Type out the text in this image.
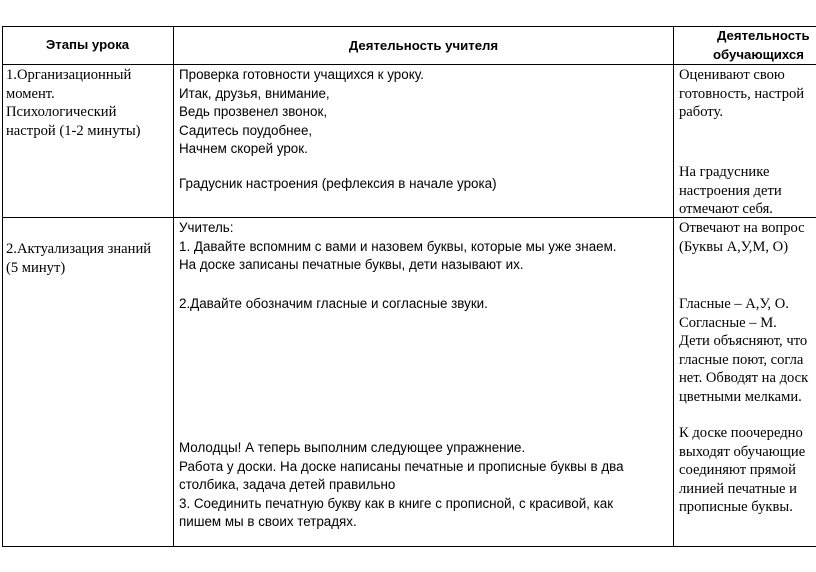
Этапы урока	Деятельность учителя
Деятельность
обучающихся
1.Организационный
момент.
Психологический
настрой (1-2 минуты)
Проверка готовности учащихся к уроку.
Итак, друзья, внимание,
Ведь прозвенел звонок,
Садитесь поудобнее,
Начнем скорей урок.
Градусник настроения (рефлексия в начале урока)
Оценивают свою
готовность, настрой
работу.
На градуснике
настроения дети
отмечают себя.
2.Актуализация знаний
(5 минут)
Учитель:
1. Давайте вспомним с вами и назовем буквы, которые мы уже знаем.
На доске записаны печатные буквы, дети называют их.
2.Давайте обозначим гласные и согласные звуки.
Молодцы! А теперь выполним следующее упражнение.
Работа у доски. На доске написаны печатные и прописные буквы в два
столбика, задача детей правильно
3. Соединить печатную букву как в книге с прописной, с красивой, как
пишем мы в своих тетрадях.
Отвечают на вопрос
(Буквы А,У,М, О)
Гласные – А,У, О.
Согласные – М.
Дети объясняют, что
гласные поют, согла
нет. Обводят на доск
цветными мелками.
К доске поочередно
выходят обучающие
соединяют прямой
линией печатные и
прописные буквы.
